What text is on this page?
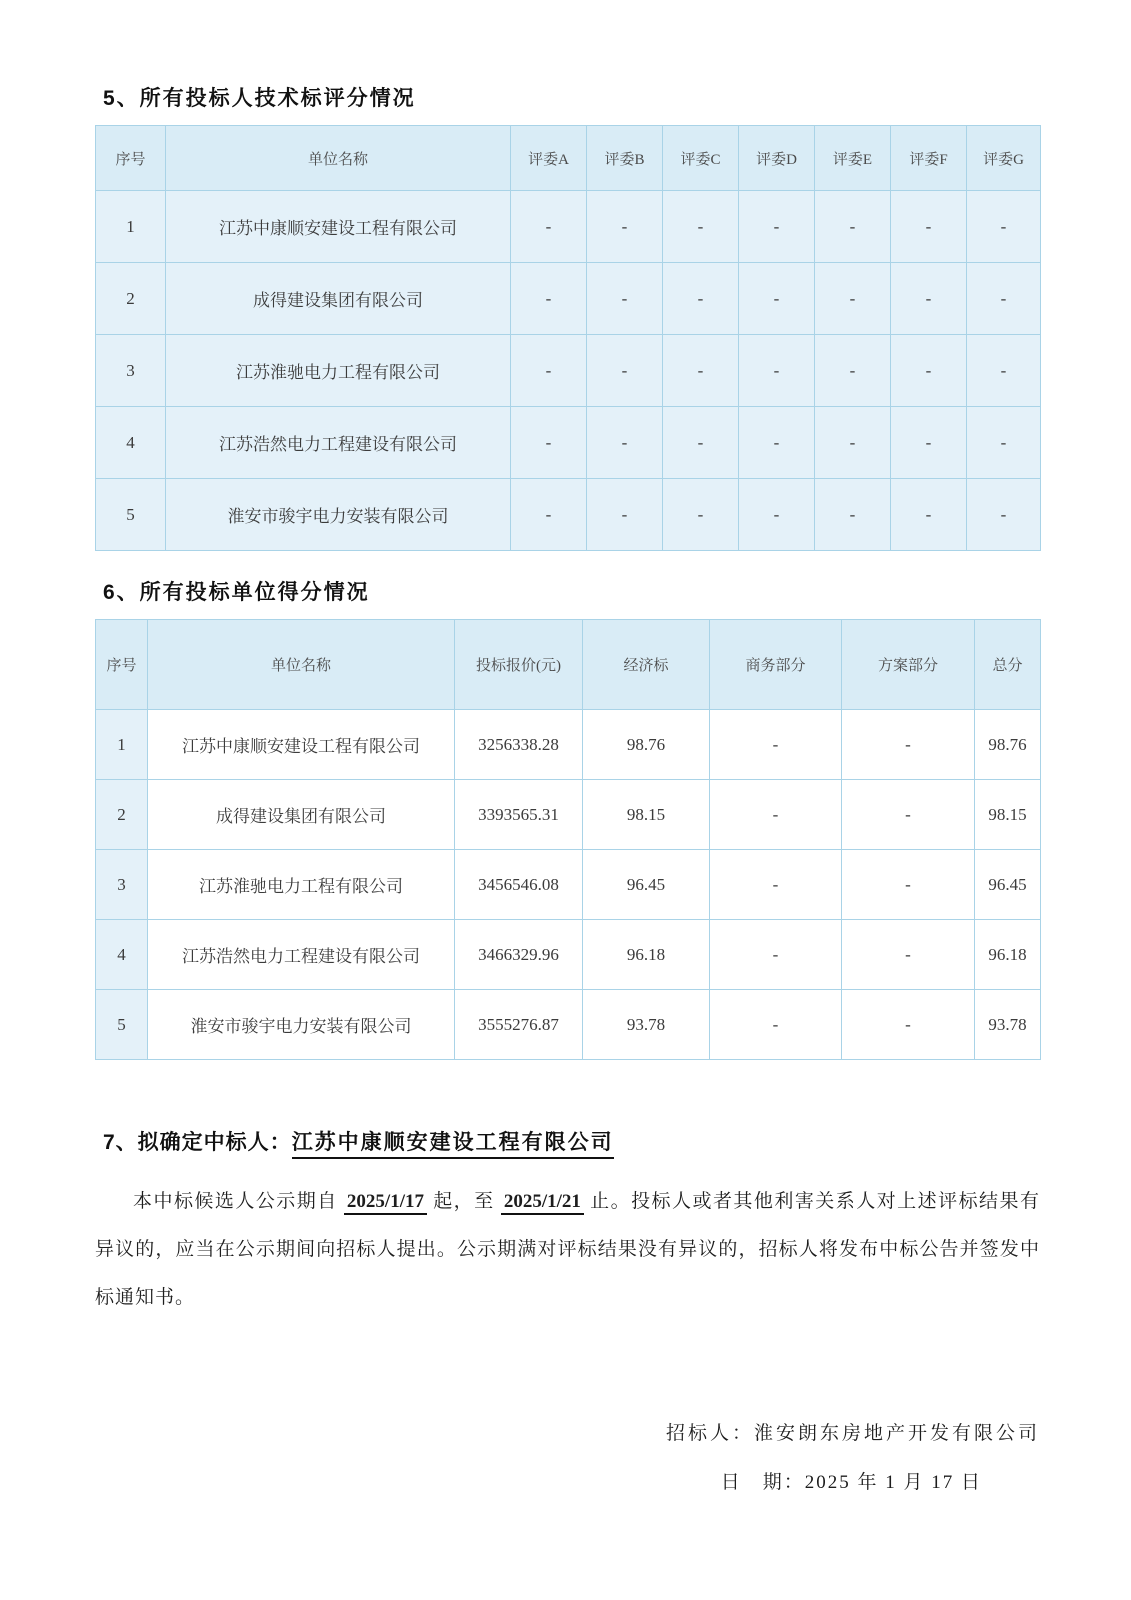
5、所有投标人技术标评分情况
序号	单位名称	评委A	评委B	评委C	评委D	评委E	评委F	评委G
1	江苏中康顺安建设工程有限公司	-	-	-	-	-	-	-
2	成得建设集团有限公司	-	-	-	-	-	-	-
3	江苏淮驰电力工程有限公司	-	-	-	-	-	-	-
4	江苏浩然电力工程建设有限公司	-	-	-	-	-	-	-
5	淮安市骏宇电力安装有限公司	-	-	-	-	-	-	-
6、所有投标单位得分情况
序号	单位名称	投标报价(元)	经济标	商务部分	方案部分	总分
1	江苏中康顺安建设工程有限公司	3256338.28	98.76	-	-	98.76
2	成得建设集团有限公司	3393565.31	98.15	-	-	98.15
3	江苏淮驰电力工程有限公司	3456546.08	96.45	-	-	96.45
4	江苏浩然电力工程建设有限公司	3466329.96	96.18	-	-	96.18
5	淮安市骏宇电力安装有限公司	3555276.87	93.78	-	-	93.78
7、拟确定中标人：江苏中康顺安建设工程有限公司

本中标候选人公示期自 2025/1/17 起，至 2025/1/21 止。投标人或者其他利害关系人对上述评标结果有异议的，应当在公示期间向招标人提出。公示期满对评标结果没有异议的，招标人将发布中标公告并签发中标通知书。

招标人：淮安朗东房地产开发有限公司
日　期：2025 年 1 月 17 日
